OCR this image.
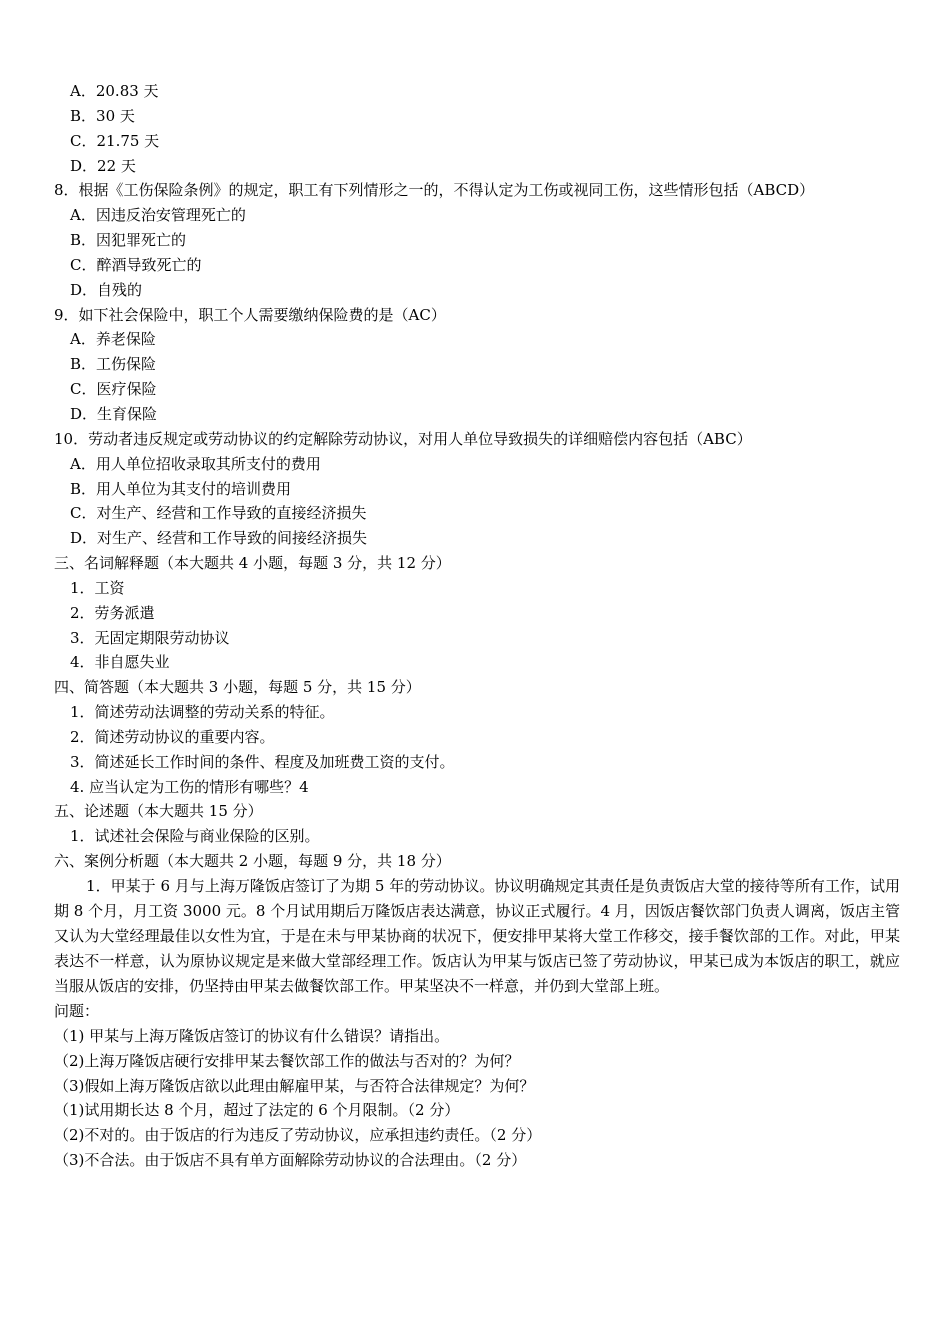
A．20.83 天
B．30 天
C．21.75 天
D．22 天
8．根据《工伤保险条例》的规定，职工有下列情形之一的，不得认定为工伤或视同工伤，这些情形包括（ABCD）
A．因违反治安管理死亡的
B．因犯罪死亡的
C．醉酒导致死亡的
D．自残的
9．如下社会保险中，职工个人需要缴纳保险费的是（AC）
A．养老保险
B．工伤保险
C．医疗保险
D．生育保险
10．劳动者违反规定或劳动协议的约定解除劳动协议，对用人单位导致损失的详细赔偿内容包括（ABC）
A．用人单位招收录取其所支付的费用
B．用人单位为其支付的培训费用
C．对生产、经营和工作导致的直接经济损失
D．对生产、经营和工作导致的间接经济损失
三、名词解释题（本大题共 4 小题，每题 3 分，共 12 分）
1．工资
2．劳务派遣
3．无固定期限劳动协议
4．非自愿失业
四、简答题（本大题共 3 小题，每题 5 分，共 15 分）
1．简述劳动法调整的劳动关系的特征。
2．简述劳动协议的重要内容。
3．简述延长工作时间的条件、程度及加班费工资的支付。
4. 应当认定为工伤的情形有哪些？4
五、论述题（本大题共 15 分）
1．试述社会保险与商业保险的区别。
六、案例分析题（本大题共 2 小题，每题 9 分，共 18 分）
1．甲某于 6 月与上海万隆饭店签订了为期 5 年的劳动协议。协议明确规定其责任是负责饭店大堂的接待等所有工作，试用期 8 个月，月工资 3000 元。8 个月试用期后万隆饭店表达满意，协议正式履行。4 月，因饭店餐饮部门负责人调离，饭店主管又认为大堂经理最佳以女性为宜，于是在未与甲某协商的状况下，便安排甲某将大堂工作移交，接手餐饮部的工作。对此，甲某表达不一样意，认为原协议规定是来做大堂部经理工作。饭店认为甲某与饭店已签了劳动协议，甲某已成为本饭店的职工，就应当服从饭店的安排，仍坚持由甲某去做餐饮部工作。甲某坚决不一样意，并仍到大堂部上班。
问题：
（1) 甲某与上海万隆饭店签订的协议有什么错误？请指出。
（2)上海万隆饭店硬行安排甲某去餐饮部工作的做法与否对的？为何？
（3)假如上海万隆饭店欲以此理由解雇甲某，与否符合法律规定？为何？
（1)试用期长达 8 个月，超过了法定的 6 个月限制。（2 分）
（2)不对的。由于饭店的行为违反了劳动协议，应承担违约责任。（2 分）
（3)不合法。由于饭店不具有单方面解除劳动协议的合法理由。（2 分）
